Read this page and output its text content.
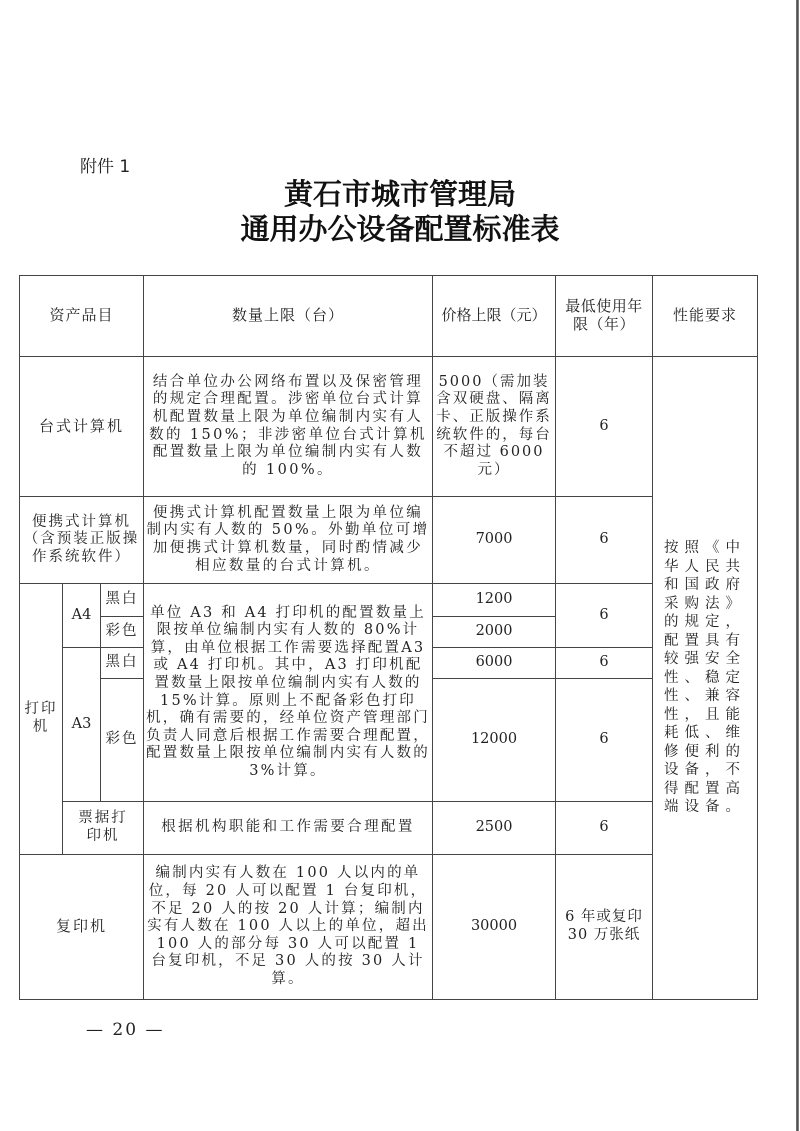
附件 1
黄石市城市管理局
通用办公设备配置标准表
资产品目			数量上限（台）	价格上限（元）	最低使用年限（年）	性能要求
台式计算机			结合单位办公网络布置以及保密管理的规定合理配置。涉密单位台式计算机配置数量上限为单位编制内实有人数的 150%；非涉密单位台式计算机配置数量上限为单位编制内实有人数的 100%。	5000（需加装含双硬盘、隔离卡、正版操作系统软件的，每台不超过 6000 元）	6	按照《中华人民共和国政府采购法》的规定，配置具有较强安全性、稳定性、兼容性，且能耗低、维修便利的设备，不得配置高端设备。
便携式计算机（含预装正版操作系统软件）			便携式计算机配置数量上限为单位编制内实有人数的 50%。外勤单位可增加便携式计算机数量，同时酌情减少相应数量的台式计算机。	7000	6	
打印机	A4	黑白	单位 A3 和 A4 打印机的配置数量上限按单位编制内实有人数的 80%计算，由单位根据工作需要选择配置A3 或 A4 打印机。其中，A3 打印机配置数量上限按单位编制内实有人数的 15%计算。原则上不配备彩色打印机，确有需要的，经单位资产管理部门负责人同意后根据工作需要合理配置，配置数量上限按单位编制内实有人数的 3%计算。	1200	6	
		彩色		2000		
	A3	黑白		6000	6	
		彩色		12000	6	
	票据打印机		根据机构职能和工作需要合理配置	2500	6	
复印机			编制内实有人数在 100 人以内的单位，每 20 人可以配置 1 台复印机，不足 20 人的按 20 人计算；编制内实有人数在 100 人以上的单位，超出 100 人的部分每 30 人可以配置 1 台复印机，不足 30 人的按 30 人计算。	30000	6 年或复印 30 万张纸	
— 20 —
